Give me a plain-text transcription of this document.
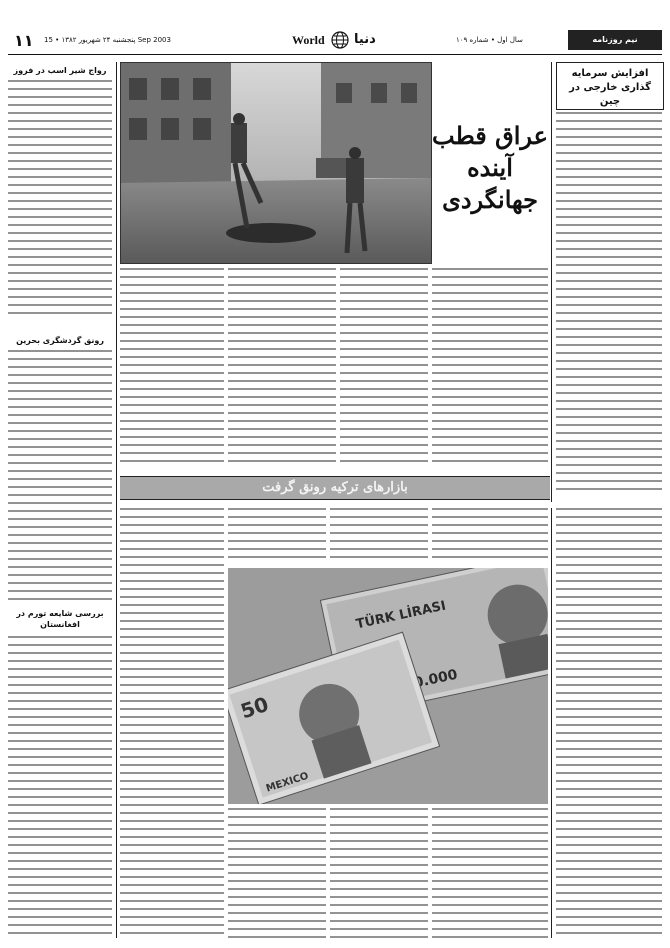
۱۱ پنجشنبه ۲۴ شهریور ۱۳۸۲ • 15 Sep 2003	World دنیا	سال اول • شماره ۱۰۹	نیم روزنامه
افزایش سرمایه گذاری خارجی در چین
عراق قطب آینده جهانگردی
رواج شیر اسب در فروز
رونق گردشگری بحرین
بررسی شایعه تورم در افغانستان
بازارهای ترکیه رونق گرفت
TÜRK LİRASI
50
MEXICO
